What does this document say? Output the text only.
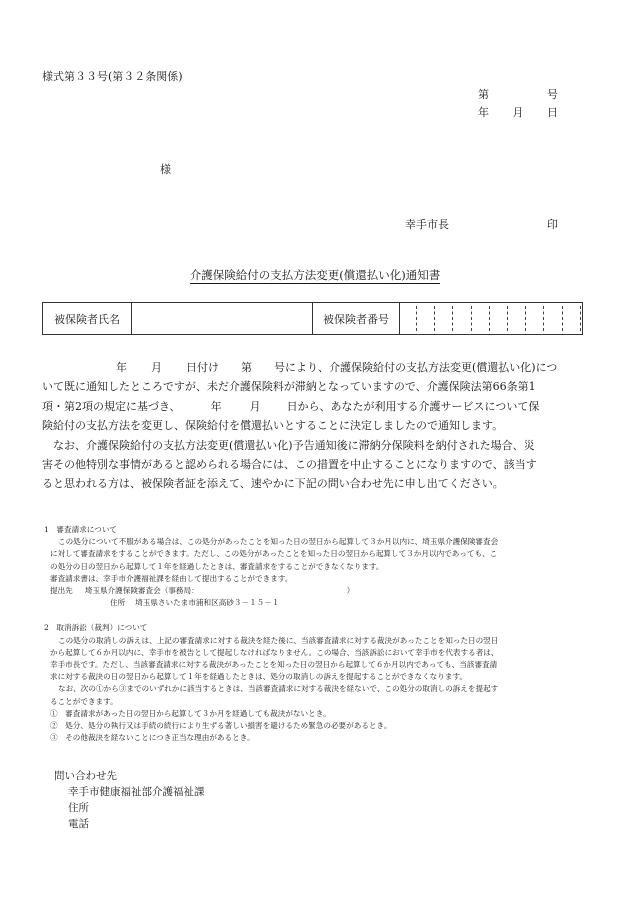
様式第３３号(第３２条関係)
第	号
年 月 日
様
幸手市長	印
介護保険給付の支払方法変更(償還払い化)通知書
被保険者氏名	被保険者番号

年 月 日付け 第 号により、介護保険給付の支払方法変更(償還払い化)につ
いて既に通知したところですが、未だ介護保険料が滞納となっていますので、介護保険法第66条第1
項・第2項の規定に基づき、	年	月 日から、あなたが利用する介護サービスについて保
険給付の支払方法を変更し、保険給付を償還払いとすることに決定しましたので通知します。

なお、介護保険給付の支払方法変更(償還払い化)予告通知後に滞納分保険料を納付された場合、災
害その他特別な事情があると認められる場合には、この措置を中止することになりますので、該当す
ると思われる方は、被保険者証を添えて、速やかに下記の問い合わせ先に申し出てください。

1　審査請求について
この処分について不服がある場合は、この処分があったことを知った日の翌日から起算して３か月以内に、埼玉県介護保険審査会
に対して審査請求をすることができます。ただし、この処分があったことを知った日の翌日から起算して３か月以内であっても、こ
の処分の日の翌日から起算して１年を経過したときは、審査請求をすることができなくなります。
審査請求書は、幸手市介護福祉課を経由して提出することができます。
提出先 埼玉県介護保険審査会（事務局：	）
住所 埼玉県さいたま市浦和区高砂３－１５－１
2　取消訴訟（裁判）について
この処分の取消しの訴えは、上記の審査請求に対する裁決を経た後に、当該審査請求に対する裁決があったことを知った日の翌日
から起算して６か月以内に、幸手市を被告として提起しなければなりません。この場合、当該訴訟において幸手市を代表する者は、
幸手市長です。ただし、当該審査請求に対する裁決があったことを知った日の翌日から起算して６か月以内であっても、当該審査請
求に対する裁決の日の翌日から起算して１年を経過したときは、処分の取消しの訴えを提起することができなくなります。
なお、次の①から③までのいずれかに該当するときは、当該審査請求に対する裁決を経ないで、この処分の取消しの訴えを提起す
ることができます。
①　審査請求があった日の翌日から起算して３か月を経過しても裁決がないとき。
②　処分、処分の執行又は手続の続行により生ずる著しい損害を避けるため緊急の必要があるとき。
③　その他裁決を経ないことにつき正当な理由があるとき。
問い合わせ先
幸手市健康福祉部介護福祉課
住所
電話
